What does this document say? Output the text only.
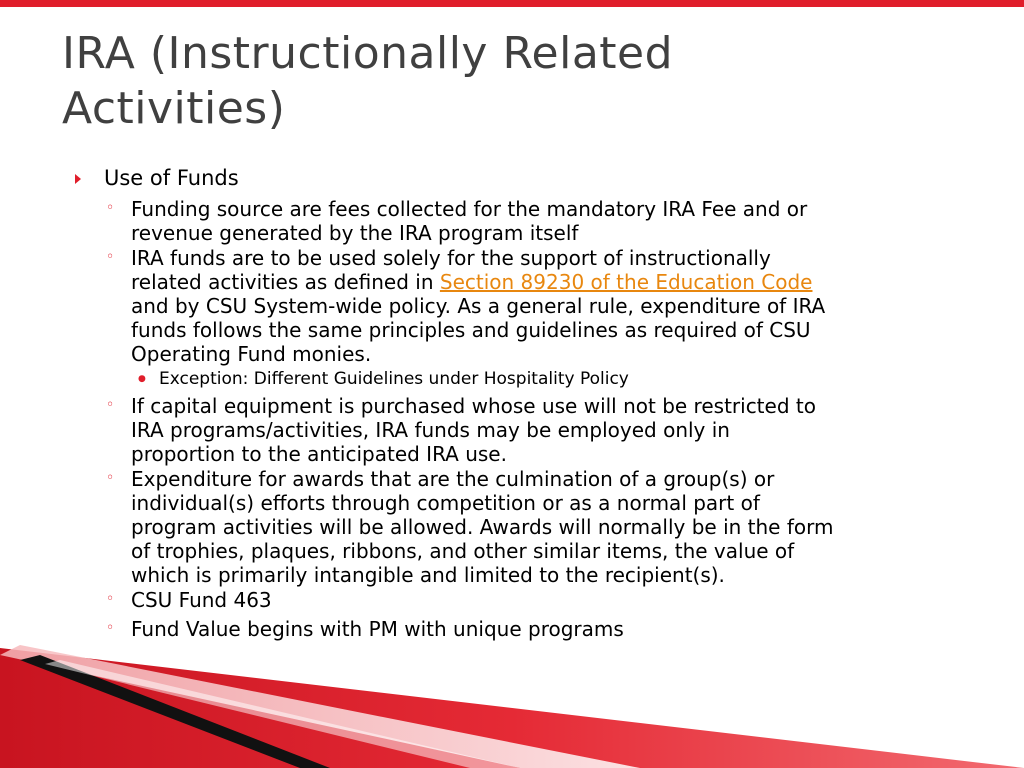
IRA (Instructionally Related
Activities)
Use of Funds
◦ Funding source are fees collected for the mandatory IRA Fee and or
revenue generated by the IRA program itself
◦ IRA funds are to be used solely for the support of instructionally
related activities as defined in Section 89230 of the Education Code
and by CSU System-wide policy. As a general rule, expenditure of IRA
funds follows the same principles and guidelines as required of CSU
Operating Fund monies.
● Exception: Different Guidelines under Hospitality Policy
◦ If capital equipment is purchased whose use will not be restricted to
IRA programs/activities, IRA funds may be employed only in
proportion to the anticipated IRA use.
◦ Expenditure for awards that are the culmination of a group(s) or
individual(s) efforts through competition or as a normal part of
program activities will be allowed. Awards will normally be in the form
of trophies, plaques, ribbons, and other similar items, the value of
which is primarily intangible and limited to the recipient(s).
◦ CSU Fund 463
◦ Fund Value begins with PM with unique programs
